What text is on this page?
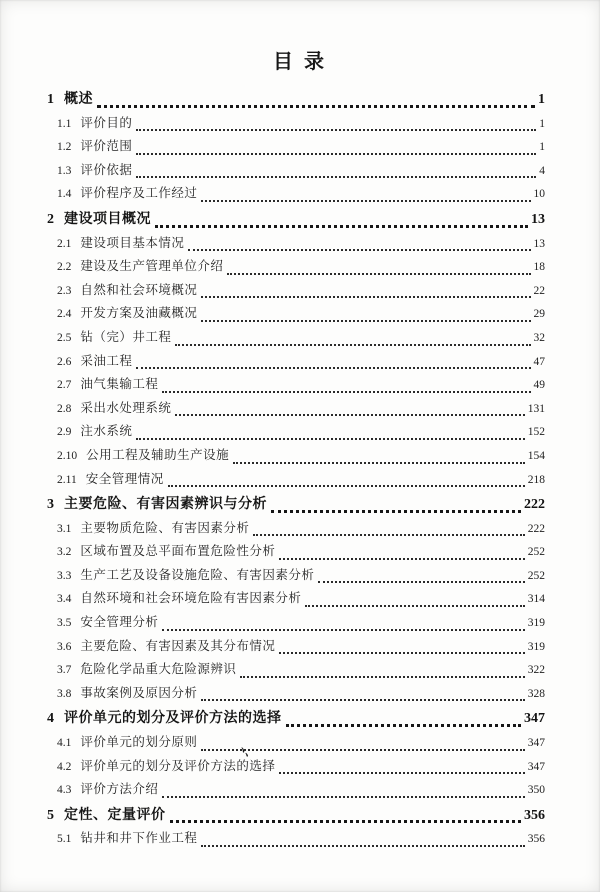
目 录
1 概述	1
1.1 评价目的	1
1.2 评价范围	1
1.3 评价依据	4
1.4 评价程序及工作经过	10
2 建设项目概况	13
2.1 建设项目基本情况	13
2.2 建设及生产管理单位介绍	18
2.3 自然和社会环境概况	22
2.4 开发方案及油藏概况	29
2.5 钻（完）井工程	32
2.6 采油工程	47
2.7 油气集输工程	49
2.8 采出水处理系统	131
2.9 注水系统	152
2.10 公用工程及辅助生产设施	154
2.11 安全管理情况	218
3 主要危险、有害因素辨识与分析	222
3.1 主要物质危险、有害因素分析	222
3.2 区域布置及总平面布置危险性分析	252
3.3 生产工艺及设备设施危险、有害因素分析	252
3.4 自然环境和社会环境危险有害因素分析	314
3.5 安全管理分析	319
3.6 主要危险、有害因素及其分布情况	319
3.7 危险化学品重大危险源辨识	322
3.8 事故案例及原因分析	328
4 评价单元的划分及评价方法的选择	347
4.1 评价单元的划分原则	347
4.2 评价单元的划分及评价方法的选择	347
4.3 评价方法介绍	350
5 定性、定量评价	356
5.1 钻井和井下作业工程	356
ヽ、
